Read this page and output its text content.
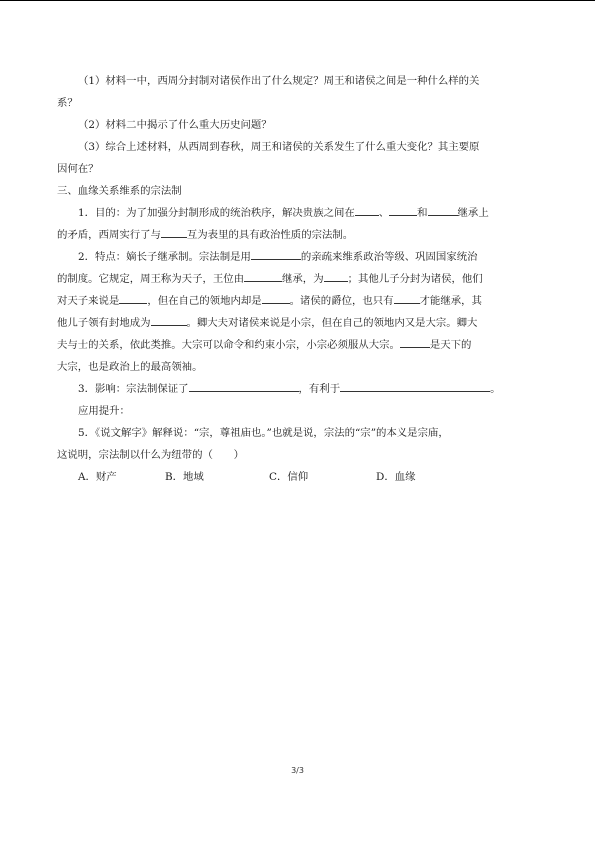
（1）材料一中，西周分封制对诸侯作出了什么规定？周王和诸侯之间是一种什么样的关

系？

（2）材料二中揭示了什么重大历史问题？

（3）综合上述材料，从西周到春秋，周王和诸侯的关系发生了什么重大变化？其主要原

因何在？

三、血缘关系维系的宗法制

1．目的：为了加强分封制形成的统治秩序，解决贵族之间在 、	和	继承上

的矛盾，西周实行了与	互为表里的具有政治性质的宗法制。

2．特点：嫡长子继承制。宗法制是用	的亲疏来维系政治等级、巩固国家统治

的制度。它规定，周王称为天子，王位由	继承，为 ；其他儿子分封为诸侯，他们

对天子来说是	，但在自己的领地内却是	。诸侯的爵位，也只有	才能继承，其

他儿子领有封地成为	。卿大夫对诸侯来说是小宗，但在自己的领地内又是大宗。卿大

夫与士的关系，依此类推。大宗可以命令和约束小宗，小宗必须服从大宗。	是天下的

大宗，也是政治上的最高领袖。

3．影响：宗法制保证了	，有利于	。

应用提升：

5．《说文解字》解释说：“宗，尊祖庙也。”也就是说，宗法的“宗”的本义是宗庙，

这说明，宗法制以什么为纽带的（　　）

A．财产	B．地域	C．信仰	D．血缘

3/3
